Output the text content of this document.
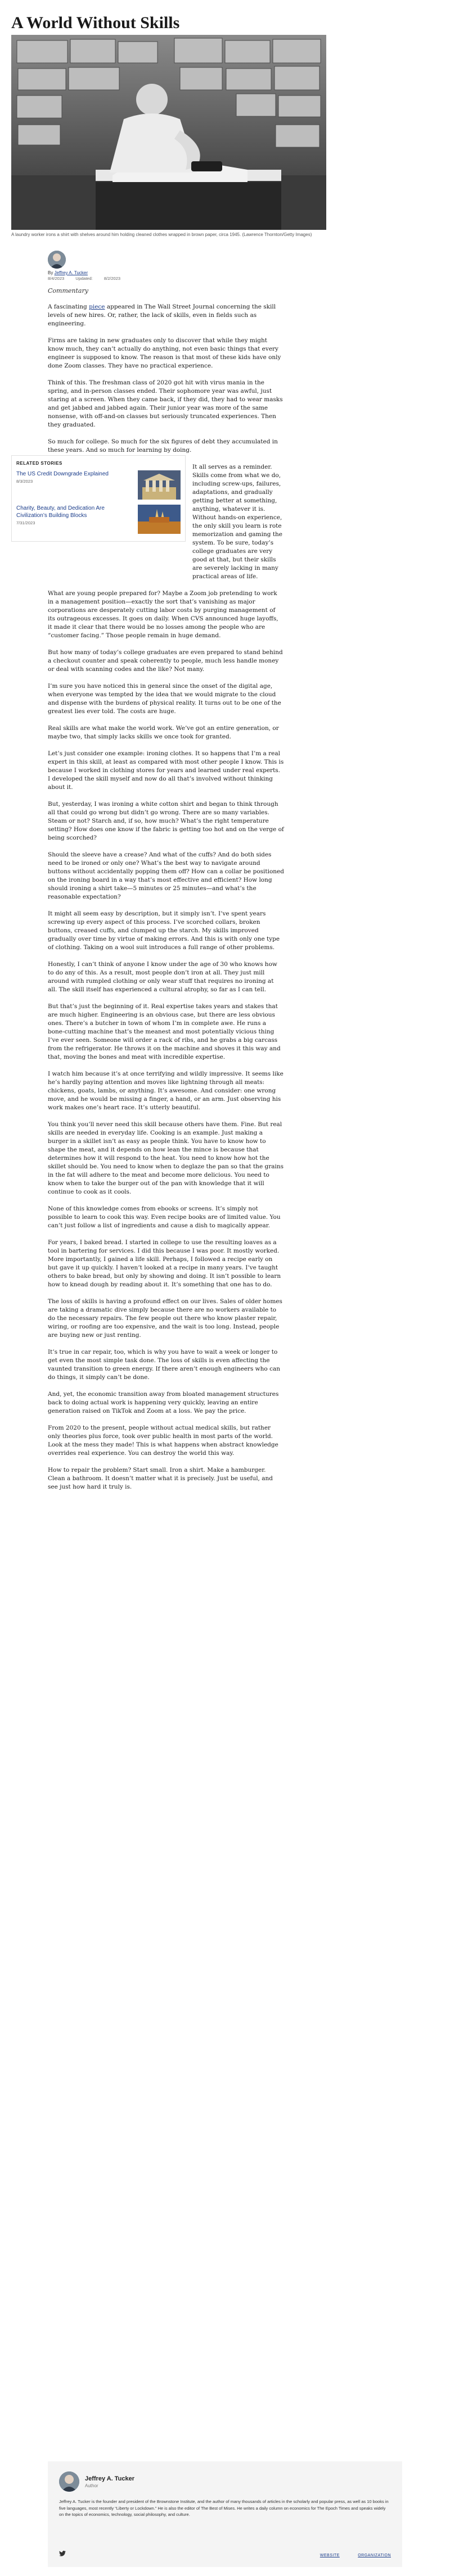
A World Without Skills
A laundry worker irons a shirt with shelves around him holding cleaned clothes wrapped in brown paper, circa 1945. (Lawrence Thornton/Getty Images)
By Jeffrey A. Tucker
8/4/2023	Updated:	8/2/2023
Commentary

A fascinating piece appeared in The Wall Street Journal concerning the skill levels of new hires. Or, rather, the lack of skills, even in fields such as engineering.

Firms are taking in new graduates only to discover that while they might know much, they can’t actually do anything, not even basic things that every engineer is supposed to know. The reason is that most of these kids have only done Zoom classes. They have no practical experience.

Think of this. The freshman class of 2020 got hit with virus mania in the spring, and in-person classes ended. Their sophomore year was awful, just staring at a screen. When they came back, if they did, they had to wear masks and get jabbed and jabbed again. Their junior year was more of the same nonsense, with off-and-on classes but seriously truncated experiences. Then they graduated.

So much for college. So much for the six figures of debt they accumulated in these years. And so much for learning by doing.

It all serves as a reminder. Skills come from what we do, including screw-ups, failures, adaptations, and gradually getting better at something, anything, whatever it is. Without hands-on experience, the only skill you learn is rote memorization and gaming the system. To be sure, today’s college graduates are very good at that, but their skills are severely lacking in many practical areas of life.

What are young people prepared for? Maybe a Zoom job pretending to work in a management position—exactly the sort that’s vanishing as major corporations are desperately cutting labor costs by purging management of its outrageous excesses. It goes on daily. When CVS announced huge layoffs, it made it clear that there would be no losses among the people who are “customer facing.” Those people remain in huge demand.

But how many of today’s college graduates are even prepared to stand behind a checkout counter and speak coherently to people, much less handle money or deal with scanning codes and the like? Not many.

I’m sure you have noticed this in general since the onset of the digital age, when everyone was tempted by the idea that we would migrate to the cloud and dispense with the burdens of physical reality. It turns out to be one of the greatest lies ever told. The costs are huge.

Real skills are what make the world work. We’ve got an entire generation, or maybe two, that simply lacks skills we once took for granted.

Let’s just consider one example: ironing clothes. It so happens that I’m a real expert in this skill, at least as compared with most other people I know. This is because I worked in clothing stores for years and learned under real experts. I developed the skill myself and now do all that’s involved without thinking about it.

But, yesterday, I was ironing a white cotton shirt and began to think through all that could go wrong but didn’t go wrong. There are so many variables. Steam or not? Starch and, if so, how much? What’s the right temperature setting? How does one know if the fabric is getting too hot and on the verge of being scorched?

Should the sleeve have a crease? And what of the cuffs? And do both sides need to be ironed or only one? What’s the best way to navigate around buttons without accidentally popping them off? How can a collar be positioned on the ironing board in a way that’s most effective and efficient? How long should ironing a shirt take—5 minutes or 25 minutes—and what’s the reasonable expectation?

It might all seem easy by description, but it simply isn’t. I’ve spent years screwing up every aspect of this process. I’ve scorched collars, broken buttons, creased cuffs, and clumped up the starch. My skills improved gradually over time by virtue of making errors. And this is with only one type of clothing. Taking on a wool suit introduces a full range of other problems.

Honestly, I can’t think of anyone I know under the age of 30 who knows how to do any of this. As a result, most people don’t iron at all. They just mill around with rumpled clothing or only wear stuff that requires no ironing at all. The skill itself has experienced a cultural atrophy, so far as I can tell.

But that’s just the beginning of it. Real expertise takes years and stakes that are much higher. Engineering is an obvious case, but there are less obvious ones. There’s a butcher in town of whom I’m in complete awe. He runs a bone-cutting machine that’s the meanest and most potentially vicious thing I’ve ever seen. Someone will order a rack of ribs, and he grabs a big carcass from the refrigerator. He throws it on the machine and shoves it this way and that, moving the bones and meat with incredible expertise.

I watch him because it’s at once terrifying and wildly impressive. It seems like he’s hardly paying attention and moves like lightning through all meats: chickens, goats, lambs, or anything. It’s awesome. And consider: one wrong move, and he would be missing a finger, a hand, or an arm. Just observing his work makes one’s heart race. It’s utterly beautiful.

You think you’ll never need this skill because others have them. Fine. But real skills are needed in everyday life. Cooking is an example. Just making a burger in a skillet isn’t as easy as people think. You have to know how to shape the meat, and it depends on how lean the mince is because that determines how it will respond to the heat. You need to know how hot the skillet should be. You need to know when to deglaze the pan so that the grains in the fat will adhere to the meat and become more delicious. You need to know when to take the burger out of the pan with knowledge that it will continue to cook as it cools.

None of this knowledge comes from ebooks or screens. It’s simply not possible to learn to cook this way. Even recipe books are of limited value. You can’t just follow a list of ingredients and cause a dish to magically appear.

For years, I baked bread. I started in college to use the resulting loaves as a tool in bartering for services. I did this because I was poor. It mostly worked. More importantly, I gained a life skill. Perhaps, I followed a recipe early on but gave it up quickly. I haven’t looked at a recipe in many years. I’ve taught others to bake bread, but only by showing and doing. It isn’t possible to learn how to knead dough by reading about it. It’s something that one has to do.

The loss of skills is having a profound effect on our lives. Sales of older homes are taking a dramatic dive simply because there are no workers available to do the necessary repairs. The few people out there who know plaster repair, wiring, or roofing are too expensive, and the wait is too long. Instead, people are buying new or just renting.

It’s true in car repair, too, which is why you have to wait a week or longer to get even the most simple task done. The loss of skills is even affecting the vaunted transition to green energy. If there aren’t enough engineers who can do things, it simply can’t be done.

And, yet, the economic transition away from bloated management structures back to doing actual work is happening very quickly, leaving an entire generation raised on TikTok and Zoom at a loss. We pay the price.

From 2020 to the present, people without actual medical skills, but rather only theories plus force, took over public health in most parts of the world. Look at the mess they made! This is what happens when abstract knowledge overrides real experience. You can destroy the world this way.

How to repair the problem? Start small. Iron a shirt. Make a hamburger. Clean a bathroom. It doesn’t matter what it is precisely. Just be useful, and see just how hard it truly is.

RELATED STORIES
The US Credit Downgrade Explained
8/3/2023
Charity, Beauty, and Dedication Are Civilization’s Building Blocks
7/31/2023
Jeffrey A. Tucker
Author
Jeffrey A. Tucker is the founder and president of the Brownstone Institute, and the author of many thousands of articles in the scholarly and popular press, as well as 10 books in five languages, most recently “Liberty or Lockdown.” He is also the editor of The Best of Mises. He writes a daily column on economics for The Epoch Times and speaks widely on the topics of economics, technology, social philosophy, and culture.
WEBSITE	ORGANIZATION
